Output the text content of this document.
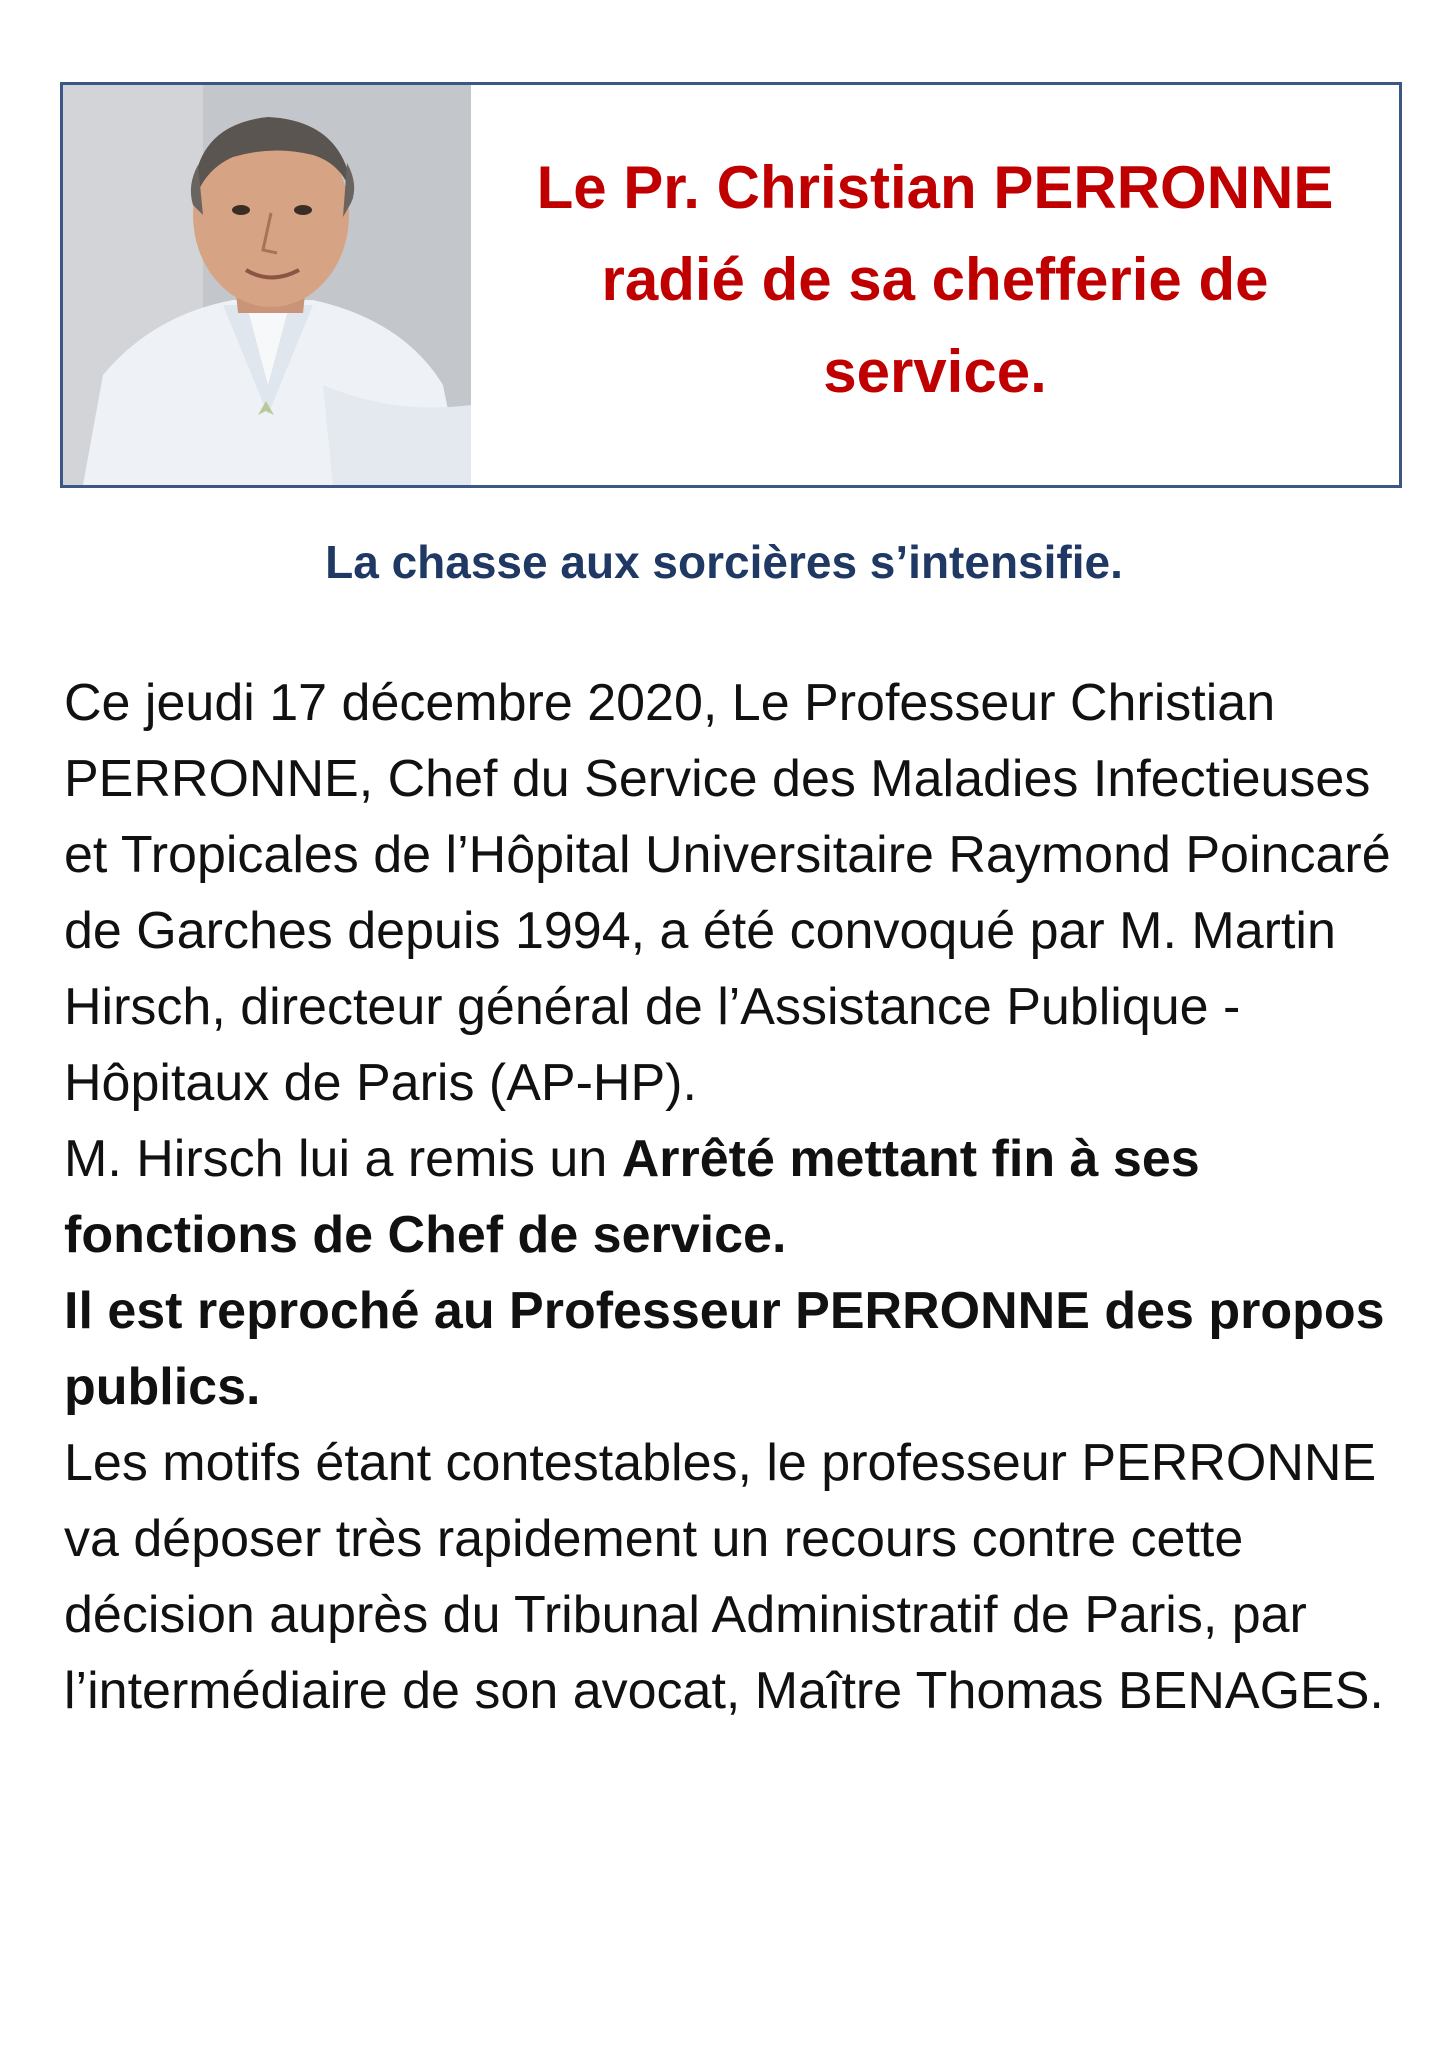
Le Pr. Christian PERRONNE
radié de sa chefferie de
service.
La chasse aux sorcières s’intensifie.

Ce jeudi 17 décembre 2020, Le Professeur Christian PERRONNE, Chef du Service des Maladies Infectieuses et Tropicales de l’Hôpital Universitaire Raymond Poincaré de Garches depuis 1994, a été convoqué par M. Martin Hirsch, directeur général de l’Assistance Publique - Hôpitaux de Paris (AP-HP).

M. Hirsch lui a remis un Arrêté mettant fin à ses fonctions de Chef de service.

Il est reproché au Professeur PERRONNE des propos publics.

Les motifs étant contestables, le professeur PERRONNE va déposer très rapidement un recours contre cette décision auprès du Tribunal Administratif de Paris, par l’intermédiaire de son avocat, Maître Thomas BENAGES.
